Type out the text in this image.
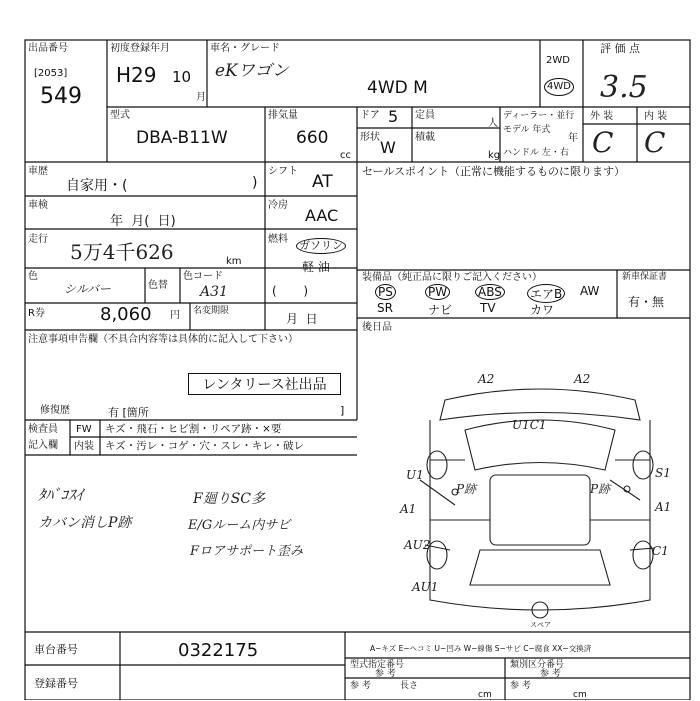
出品番号
[2053]
549
初度登録年月
H29 10
月
車名・グレード
eKワゴン
4WD M
2WD
4WD
評 価 点
3.5
外 装	内 装
C C
型式
DBA-B11W
排気量
660
cc
ドア 5 定員
人
形状
W
積載
kg
ディーラー・並行
モデル 年式
年
ハンドル 左・右
車歴
自家用・(	)
車検
年  月(  日)
走行
5万4千626	km
色
シルバー	色替
色コード
A31
R券	8,060 円
シフト
AT
冷房
AAC
燃料 ガソリン
軽 油
(       )
名変期限
月  日
セールスポイント（正常に機能するものに限ります）
装備品（純正品に限りご記入ください）	新車保証書
有・無
PS	PW	ABS エアB AW
SR	ナビ TV	カワ
後日品
注意事項申告欄（不具合内容等は具体的に記入して下さい）
レンタリース社出品
修復歴	有 [箇所	]
検査員
記入欄
FW キズ・飛石・ヒビ割・リペア跡・×要
内装 キズ・汚レ・コゲ・穴・スレ・キレ・破レ
ﾀﾊﾞｺｽｲ
カバン消しP跡
F廻りSC多
E/Gルーム内サビ
Fロアサポート歪み
A2	A2
U1C1
U1
A1
P跡	P跡
S1
A1
AU2	C1
AU1
スペア
車台番号	0322175
登録番号
A−キズ E−ヘコミ U−凹み W−線傷 S−サビ C−腐食 XX−交換済
型式指定番号
参 考
類別区分番号
参 考
参 考	長さ
cm
参 考
cm
